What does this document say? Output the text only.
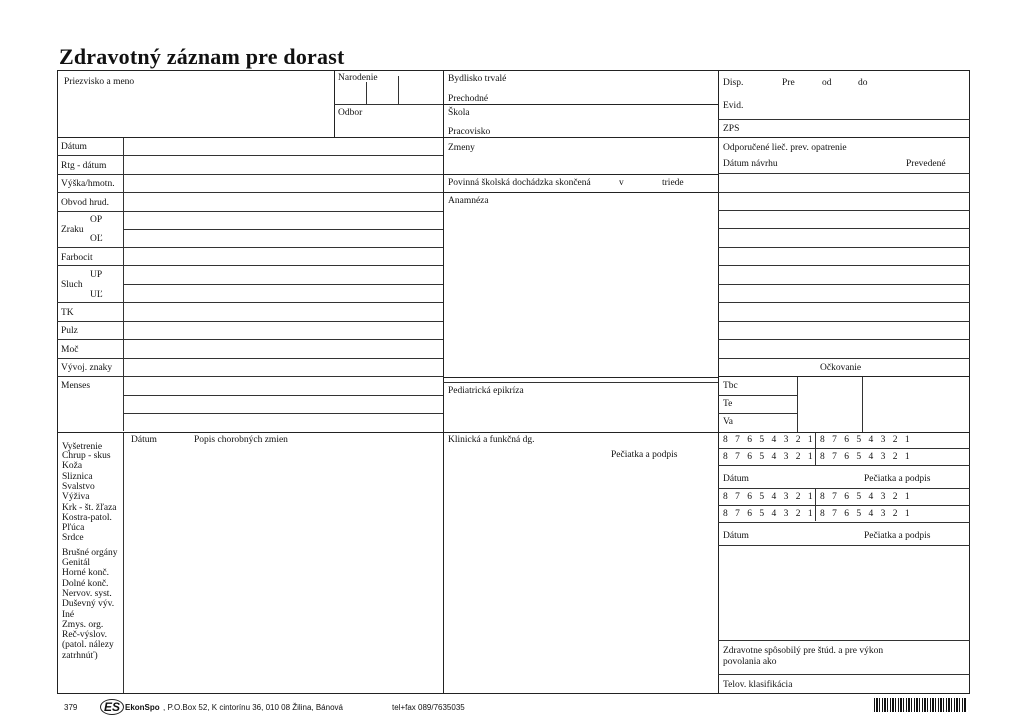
Zdravotný záznam pre dorast
Priezvisko a meno	Narodenie
Odbor
Bydlisko trvalé
Prechodné
Škola
Pracovisko
Disp.	Pre	od	do
Evid.
ZPS
Dátum
Rtg - dátum
Výška/hmotn.
Obvod hrud.
OP
Zraku
OĽ
Farbocit
UP
Sluch
UĽ
TK
Pulz
Moč
Vývoj. znaky
Menses
Zmeny
Povinná školská dochádzka skončená	v	triede
Anamnéza
Pediatrická epikríza
Odporučené liеč. prev. opatrenie
Dátum návrhu	Prevedené
Očkovanie
Tbc
Te
Va
Vyšetrenie
Dátum	Popis chorobných zmien	Klinická a funkčná dg.
Pečiatka a podpis
Chrup - skus
Koža
Sliznica
Svalstvo
Výživa
Krk - št. žľaza
Kostra-patol.
Pľúca
Srdce
Brušné orgány
Genitál
Horné konč.
Dolné konč.
Nervov. syst.
Duševný výv.
Iné
Zmys. org.
Reč-výslov.
(patol. nálezy
zatrhnúť)
8 7 6 5 4 3 2 1 8 7 6 5 4 3 2 1
8 7 6 5 4 3 2 1 8 7 6 5 4 3 2 1
Dátum	Pečiatka a podpis
8 7 6 5 4 3 2 1 8 7 6 5 4 3 2 1
8 7 6 5 4 3 2 1 8 7 6 5 4 3 2 1
Dátum	Pečiatka a podpis
Zdravotne spôsobilý pre štúd. a pre výkon
povolania ako
Telov. klasifikácia
379	ES EkonSpo , P.O.Box 52, K cintorínu 36, 010 08 Žilina, Bánová	tel+fax 089/7635035
